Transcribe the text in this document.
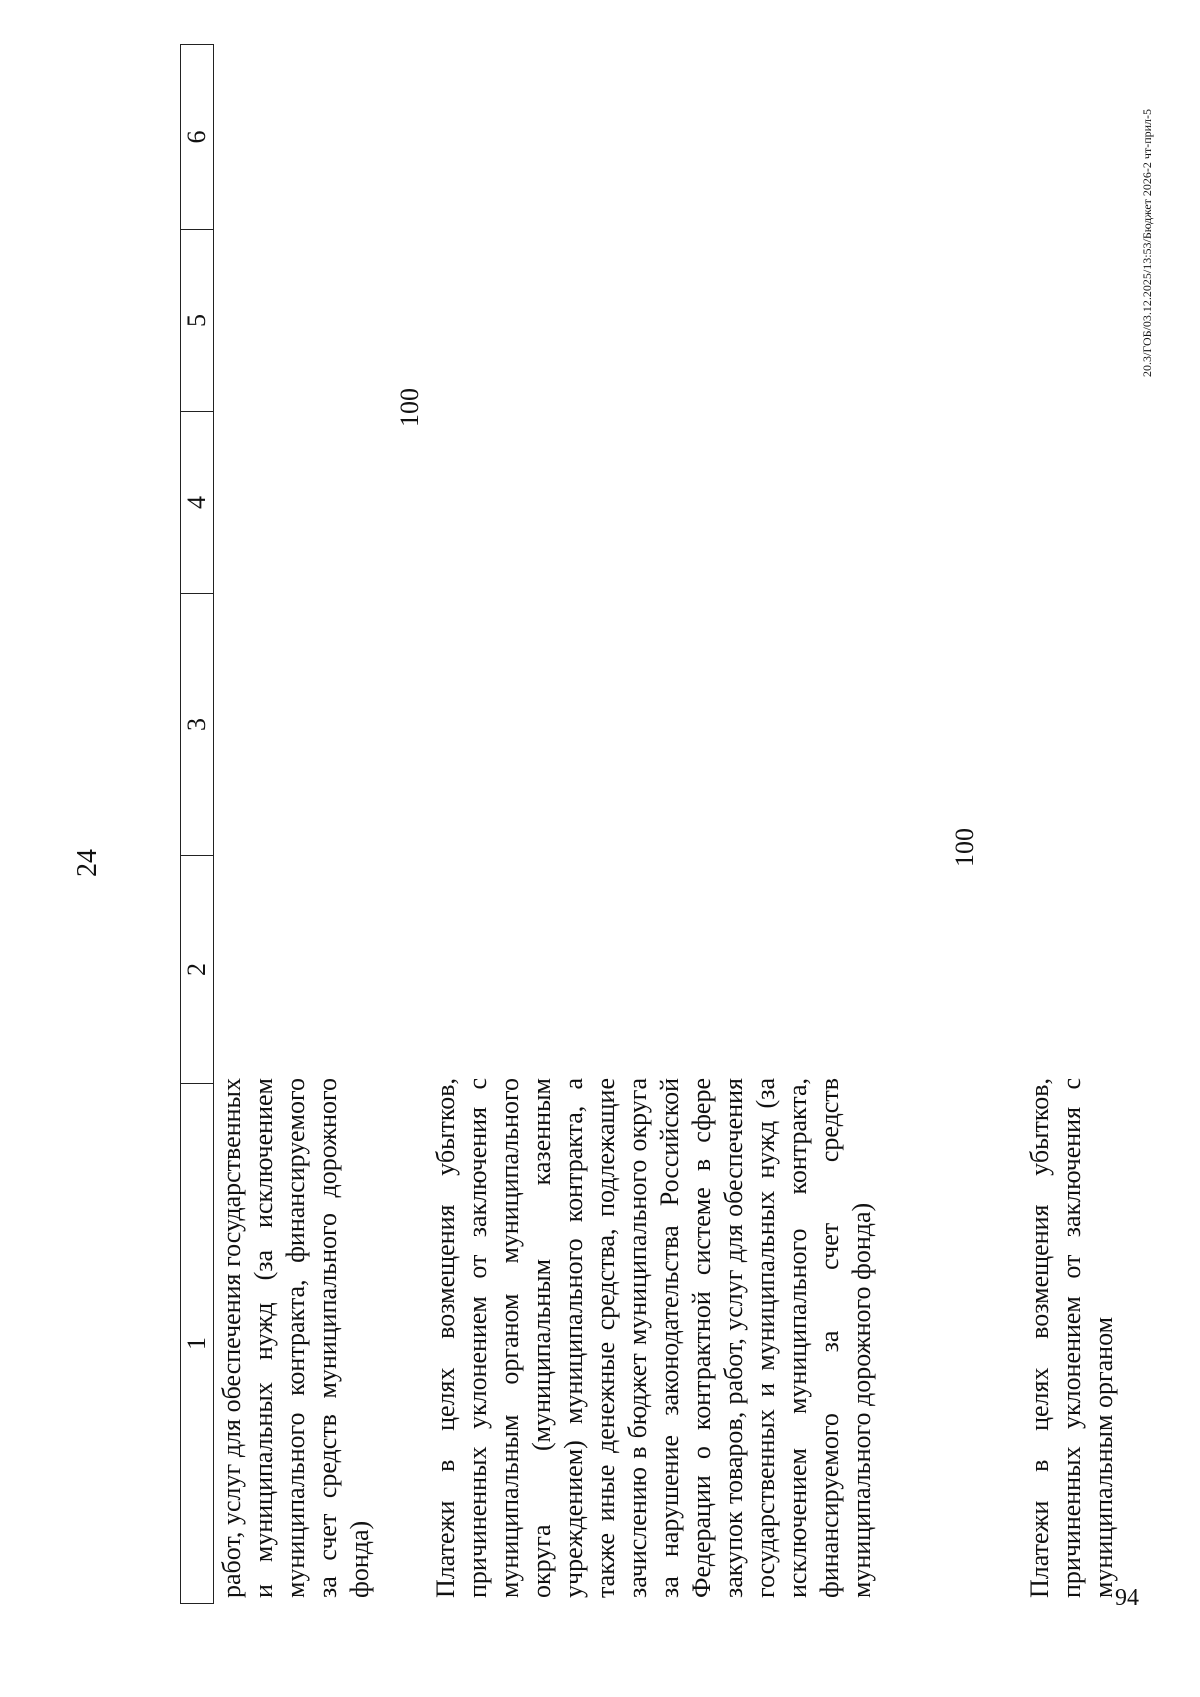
24
1
2
3
4
5
6
работ, услуг для обеспечения государственных и муниципальных нужд (за исключением муниципального контракта, финансируемого за счет средств муниципального дорожного фонда) Платежи в целях возмещения убытков, причиненных уклонением от заключения с муниципальным органом муниципального округа (муниципальным казенным учреждением) муниципального контракта, а также иные денежные средства, подлежащие зачислению в бюджет муниципального округа за нарушение законодательства Российской Федерации о контрактной системе в сфере закупок товаров, работ, услуг для обеспечения государственных и муниципальных нужд (за исключением муниципального контракта, финансируемого за счет средств муниципального дорожного фонда)
100
100
Платежи в целях возмещения убытков, причиненных уклонением от заключения с муниципальным органом
20.3/ГОБ/03.12.2025/13:53/Бюджет 2026-2 чт-прил-5
94
